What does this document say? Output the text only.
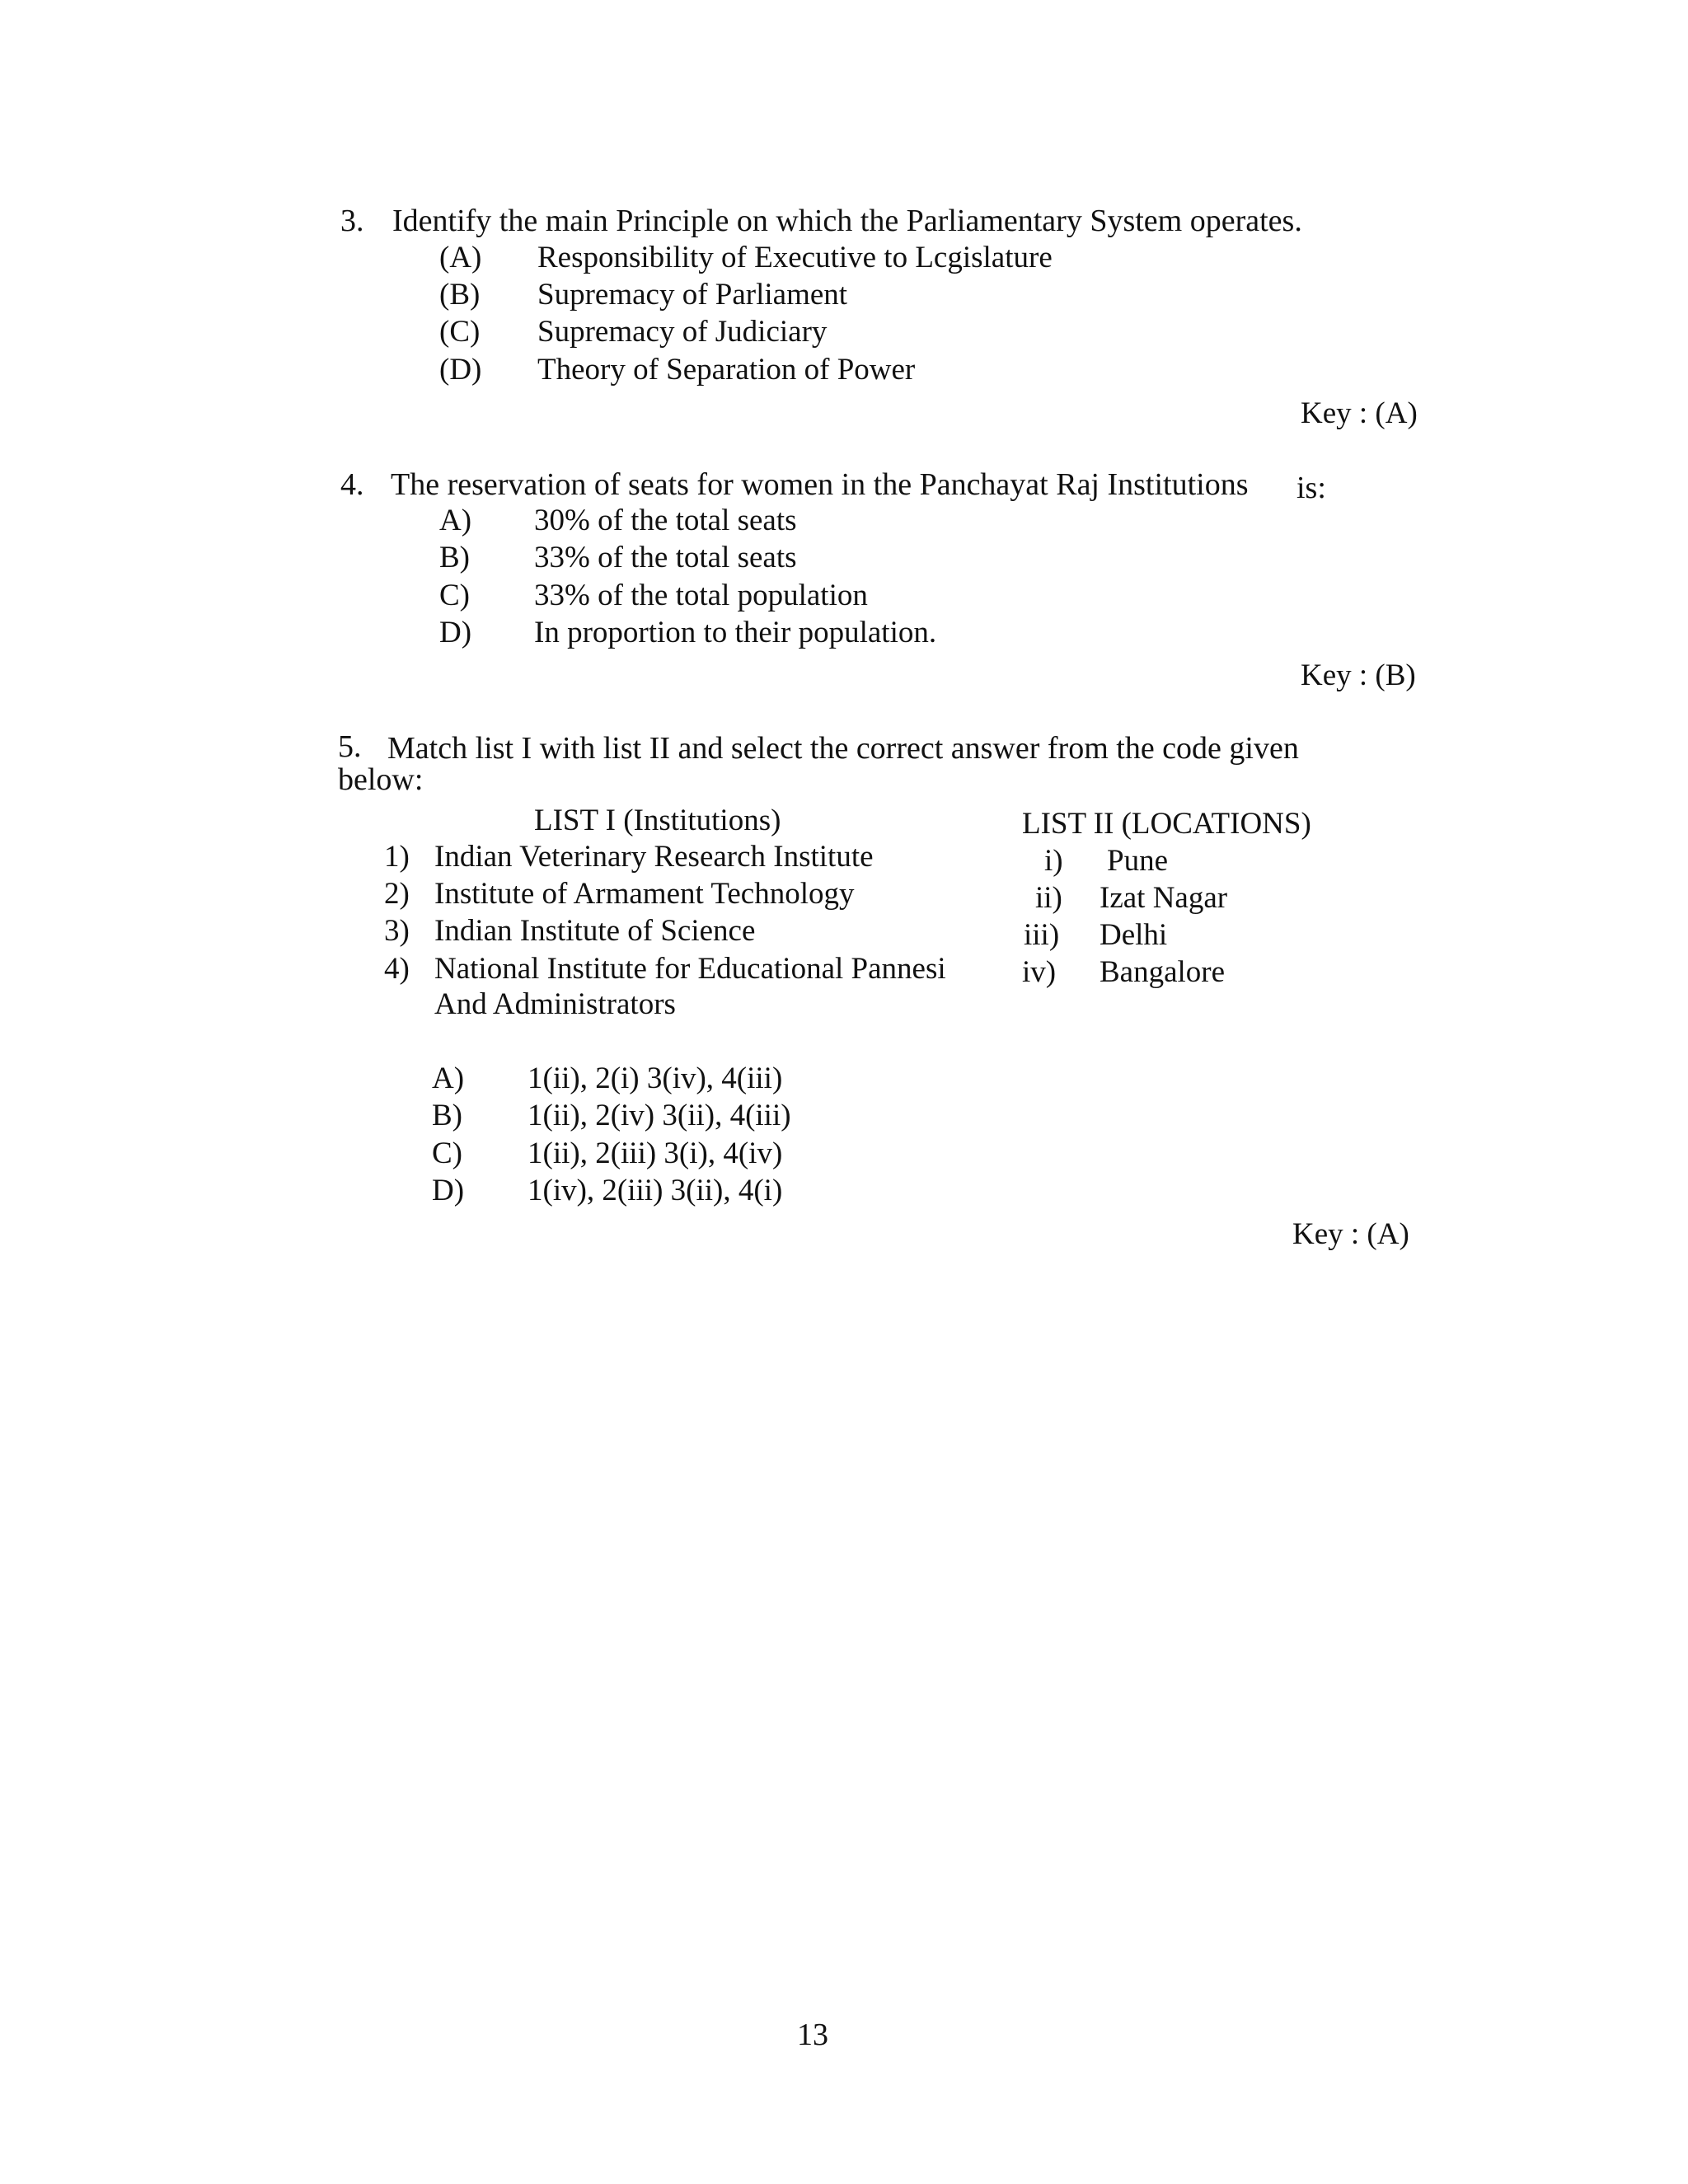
3. Identify the main Principle on which the Parliamentary System operates.
(A) Responsibility of Executive to Lcgislature
(B) Supremacy of Parliament
(C) Supremacy of Judiciary
(D) Theory of Separation of Power
Key : (A)
4. The reservation of seats for women in the Panchayat Raj Institutions is:
A) 30% of the total seats
B) 33% of the total seats
C) 33% of the total population
D) In proportion to their population.
Key : (B)
5. Match list I with list II and select the correct answer from the code given
below:
LIST I (Institutions)
1) Indian Veterinary Research Institute
2) Institute of Armament Technology
3) Indian Institute of Science
4) National Institute for Educational Pannesi
And Administrators
LIST II (LOCATIONS)
i) Pune
ii) Izat Nagar
iii) Delhi
iv) Bangalore
A) 1(ii), 2(i) 3(iv), 4(iii)
B) 1(ii), 2(iv) 3(ii), 4(iii)
C) 1(ii), 2(iii) 3(i), 4(iv)
D) 1(iv), 2(iii) 3(ii), 4(i)
Key : (A)
13
